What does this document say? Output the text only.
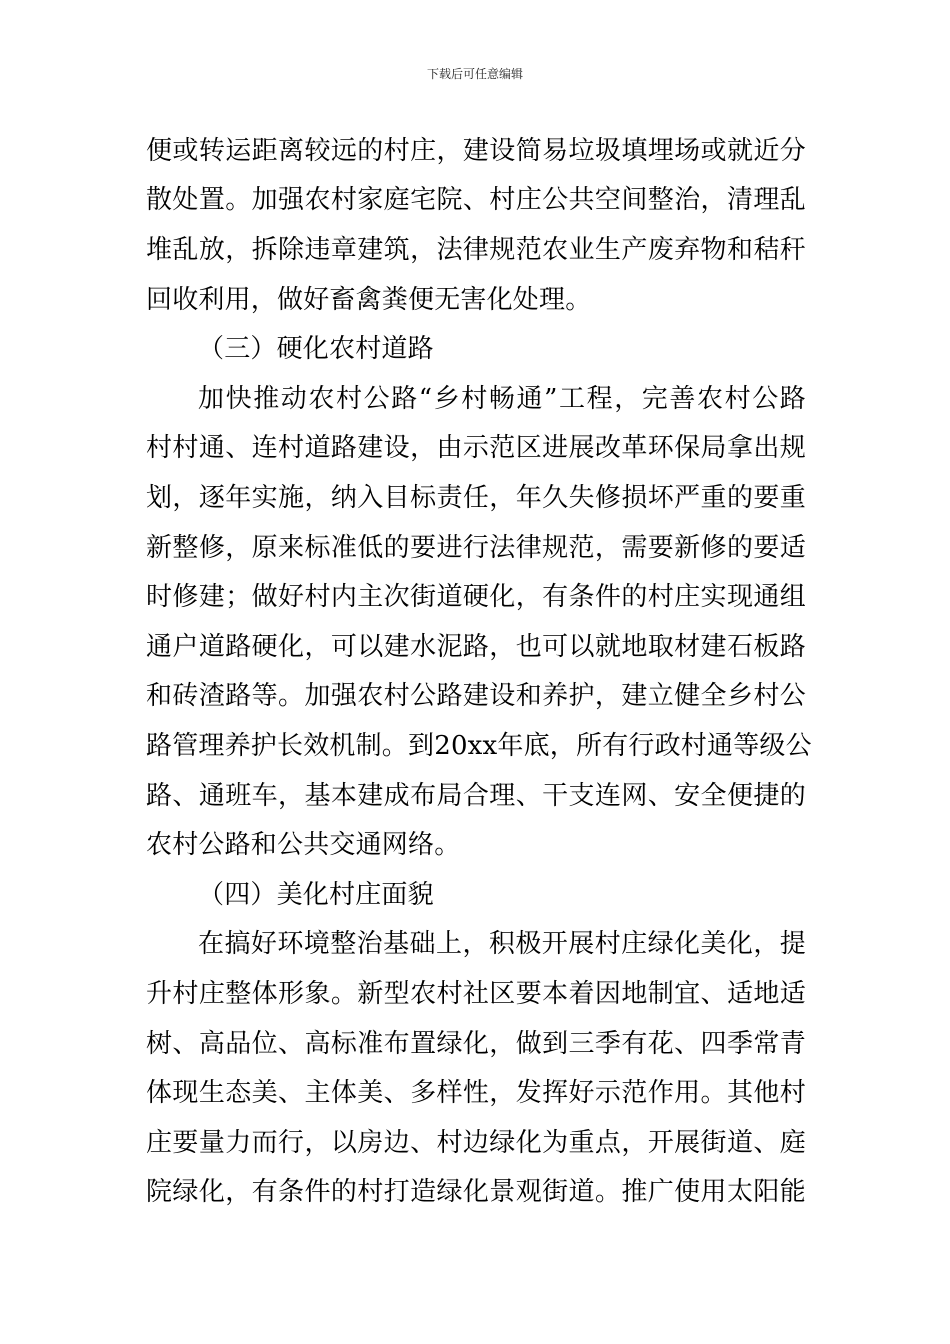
下载后可任意编辑
便或转运距离较远的村庄，建设简易垃圾填埋场或就近分
散处置。加强农村家庭宅院、村庄公共空间整治，清理乱
堆乱放，拆除违章建筑，法律规范农业生产废弃物和秸秆
回收利用，做好畜禽粪便无害化处理。
（三）硬化农村道路
加快推动农村公路“乡村畅通”工程，完善农村公路
村村通、连村道路建设，由示范区进展改革环保局拿出规
划，逐年实施，纳入目标责任，年久失修损坏严重的要重
新整修，原来标准低的要进行法律规范，需要新修的要适
时修建；做好村内主次街道硬化，有条件的村庄实现通组
通户道路硬化，可以建水泥路，也可以就地取材建石板路
和砖渣路等。加强农村公路建设和养护，建立健全乡村公
路管理养护长效机制。到20xx年底，所有行政村通等级公
路、通班车，基本建成布局合理、干支连网、安全便捷的
农村公路和公共交通网络。
（四）美化村庄面貌
在搞好环境整治基础上，积极开展村庄绿化美化，提
升村庄整体形象。新型农村社区要本着因地制宜、适地适
树、高品位、高标准布置绿化，做到三季有花、四季常青
体现生态美、主体美、多样性，发挥好示范作用。其他村
庄要量力而行，以房边、村边绿化为重点，开展街道、庭
院绿化，有条件的村打造绿化景观街道。推广使用太阳能
